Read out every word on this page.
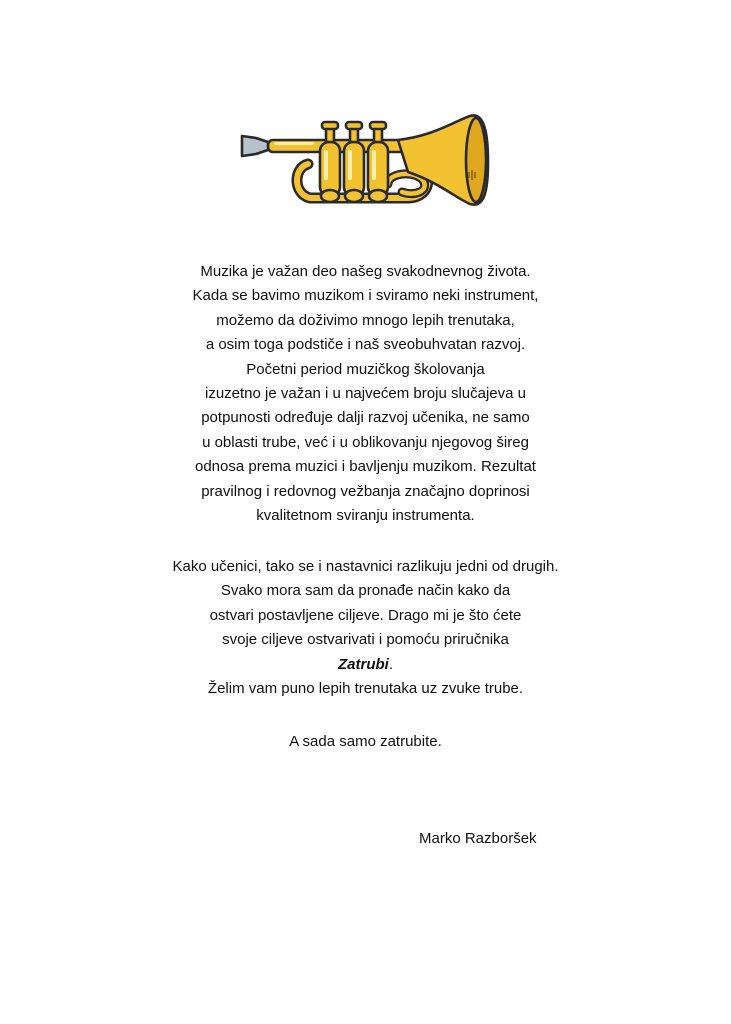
Muzika je važan deo našeg svakodnevnog života.

Kada se bavimo muzikom i sviramo neki instrument,

možemo da doživimo mnogo lepih trenutaka,

a osim toga podstiče i naš sveobuhvatan razvoj.

Početni period muzičkog školovanja

izuzetno je važan i u najvećem broju slučajeva u

potpunosti određuje dalji razvoj učenika, ne samo

u oblasti trube, već i u oblikovanju njegovog šireg

odnosa prema muzici i bavljenju muzikom. Rezultat

pravilnog i redovnog vežbanja značajno doprinosi

kvalitetnom sviranju instrumenta.

Kako učenici, tako se i nastavnici razlikuju jedni od drugih.

Svako mora sam da pronađe način kako da

ostvari postavljene ciljeve. Drago mi je što ćete

svoje ciljeve ostvarivati i pomoću priručnika

Zatrubi.

Želim vam puno lepih trenutaka uz zvuke trube.

A sada samo zatrubite.

Marko Razboršek
